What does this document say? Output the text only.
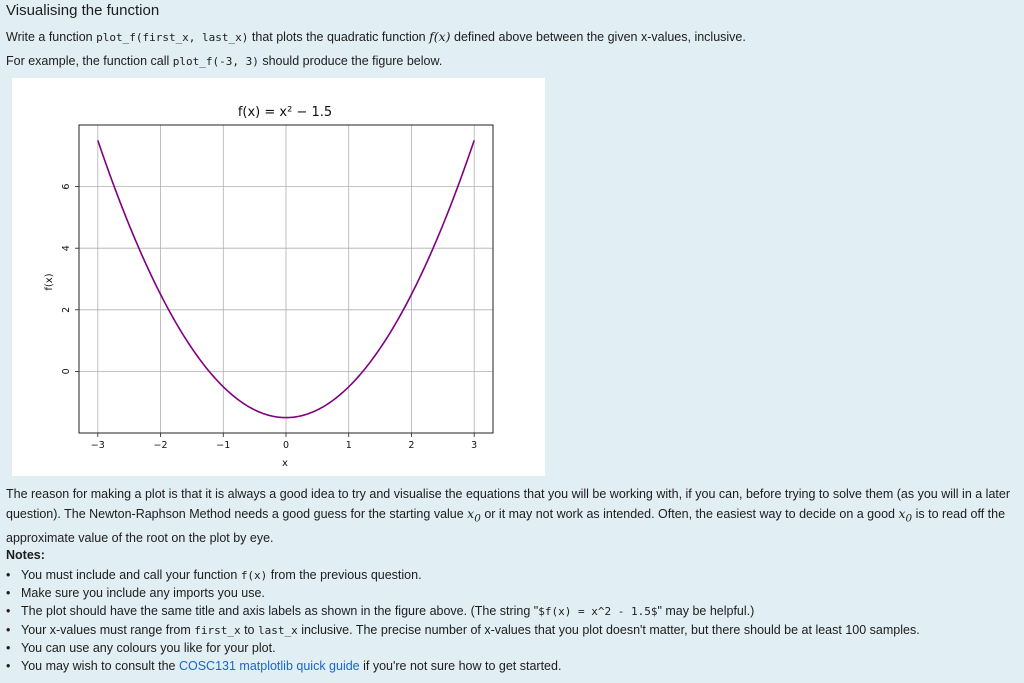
Visualising the function

Write a function plot_f(first_x, last_x) that plots the quadratic function f(x) defined above between the given x-values, inclusive.

For example, the function call plot_f(-3, 3) should produce the figure below.

f(x) = x² − 1.5
−3	−2	−1	0	1	2	3
0
2
4
6
x
f(x)

The reason for making a plot is that it is always a good idea to try and visualise the equations that you will be working with, if you can, before trying to solve them (as you will in a later question). The Newton-Raphson Method needs a good guess for the starting value $x_0$ or it may not work as intended. Often, the easiest way to decide on a good $x_0$ is to read off the approximate value of the root on the plot by eye.

Notes:

• You must include and call your function f(x) from the previous question.
• Make sure you include any imports you use.
• The plot should have the same title and axis labels as shown in the figure above. (The string "$f(x) = x^2 - 1.5$" may be helpful.)
• Your x-values must range from first_x to last_x inclusive. The precise number of x-values that you plot doesn't matter, but there should be at least 100 samples.
• You can use any colours you like for your plot.
• You may wish to consult the COSC131 matplotlib quick guide if you're not sure how to get started.
